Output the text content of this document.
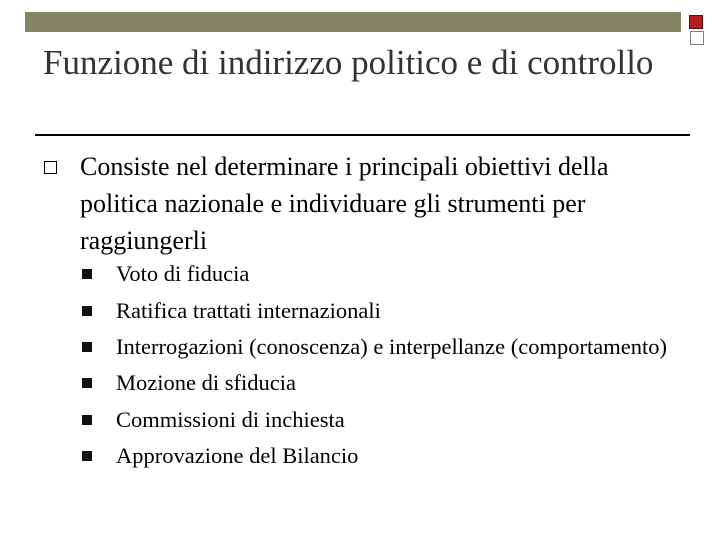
Funzione di indirizzo politico e di controllo
Consiste nel determinare i principali obiettivi della politica nazionale e individuare gli strumenti per raggiungerli
Voto di fiducia
Ratifica trattati internazionali
Interrogazioni (conoscenza) e interpellanze (comportamento)
Mozione di sfiducia
Commissioni di inchiesta
Approvazione del Bilancio
